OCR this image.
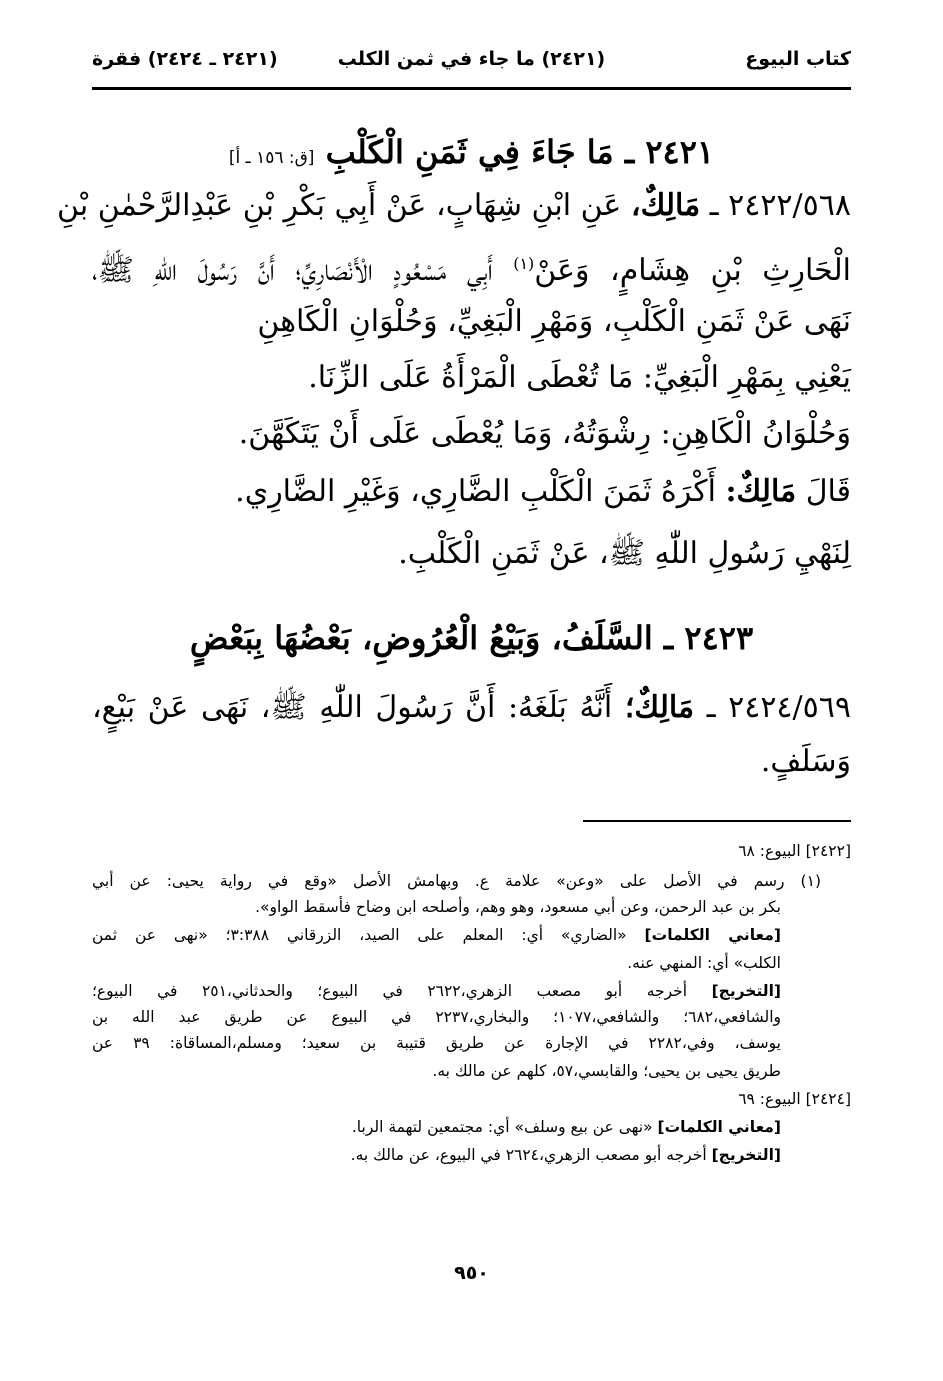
كتاب البيوع
(٢٤٢١) ما جاء في ثمن الكلب
(٢٤٢١ ـ ٢٤٢٤) فقرة
٢٤٢١ ـ مَا جَاءَ فِي ثَمَنِ الْكَلْبِ [ق: ١٥٦ ـ أ]
٢٤٢٢/٥٦٨ ـ مَالِكٌ، عَنِ ابْنِ شِهَابٍ، عَنْ أَبِي بَكْرِ بْنِ عَبْدِالرَّحْمٰنِ بْنِ
الْحَارِثِ بْنِ هِشَامٍ، وَعَنْ$^{(١)}$ أَبِي مَسْعُودٍ الْأَنْصَارِيِّ؛ أَنَّ رَسُولَ اللّٰهِ ﷺ،
نَهَى عَنْ ثَمَنِ الْكَلْبِ، وَمَهْرِ الْبَغِيِّ، وَحُلْوَانِ الْكَاهِنِ
يَعْنِي بِمَهْرِ الْبَغِيِّ: مَا تُعْطَى الْمَرْأَةُ عَلَى الزِّنَا.
وَحُلْوَانُ الْكَاهِنِ: رِشْوَتُهُ، وَمَا يُعْطَى عَلَى أَنْ يَتَكَهَّنَ.
قَالَ مَالِكٌ: أَكْرَهُ ثَمَنَ الْكَلْبِ الضَّارِي، وَغَيْرِ الضَّارِي.
لِنَهْيِ رَسُولِ اللّٰهِ ﷺ، عَنْ ثَمَنِ الْكَلْبِ.
٢٤٢٣ ـ السَّلَفُ، وَبَيْعُ الْعُرُوضِ، بَعْضُهَا بِبَعْضٍ
٢٤٢٤/٥٦٩ ـ مَالِكٌ؛ أَنَّهُ بَلَغَهُ: أَنَّ رَسُولَ اللّٰهِ ﷺ، نَهَى عَنْ بَيْعٍ،
وَسَلَفٍ.
[٢٤٢٢] البيوع: ٦٨
(١) رسم في الأصل على «وعن» علامة ع. وبهامش الأصل «وقع في رواية يحيى: عن أبي
بكر بن عبد الرحمن، وعن أبي مسعود، وهو وهم، وأصلحه ابن وضاح فأسقط الواو».
[معاني الكلمات] «الضاري» أي: المعلم على الصيد، الزرقاني ٣:٣٨٨؛ «نهى عن ثمن
الكلب» أي: المنهي عنه.
[التخريج] أخرجه أبو مصعب الزهري،٢٦٢٢ في البيوع؛ والحدثاني،٢٥١ في البيوع؛
والشافعي،٦٨٢؛ والشافعي،١٠٧٧؛ والبخاري،٢٢٣٧ في البيوع عن طريق عبد الله بن
يوسف، وفي،٢٢٨٢ في الإجارة عن طريق قتيبة بن سعيد؛ ومسلم،المساقاة: ٣٩ عن
طريق يحيى بن يحيى؛ والقابسي،٥٧، كلهم عن مالك به.
[٢٤٢٤] البيوع: ٦٩
[معاني الكلمات] «نهى عن بيع وسلف» أي: مجتمعين لتهمة الربا.
[التخريج] أخرجه أبو مصعب الزهري،٢٦٢٤ في البيوع، عن مالك به.
٩٥٠
